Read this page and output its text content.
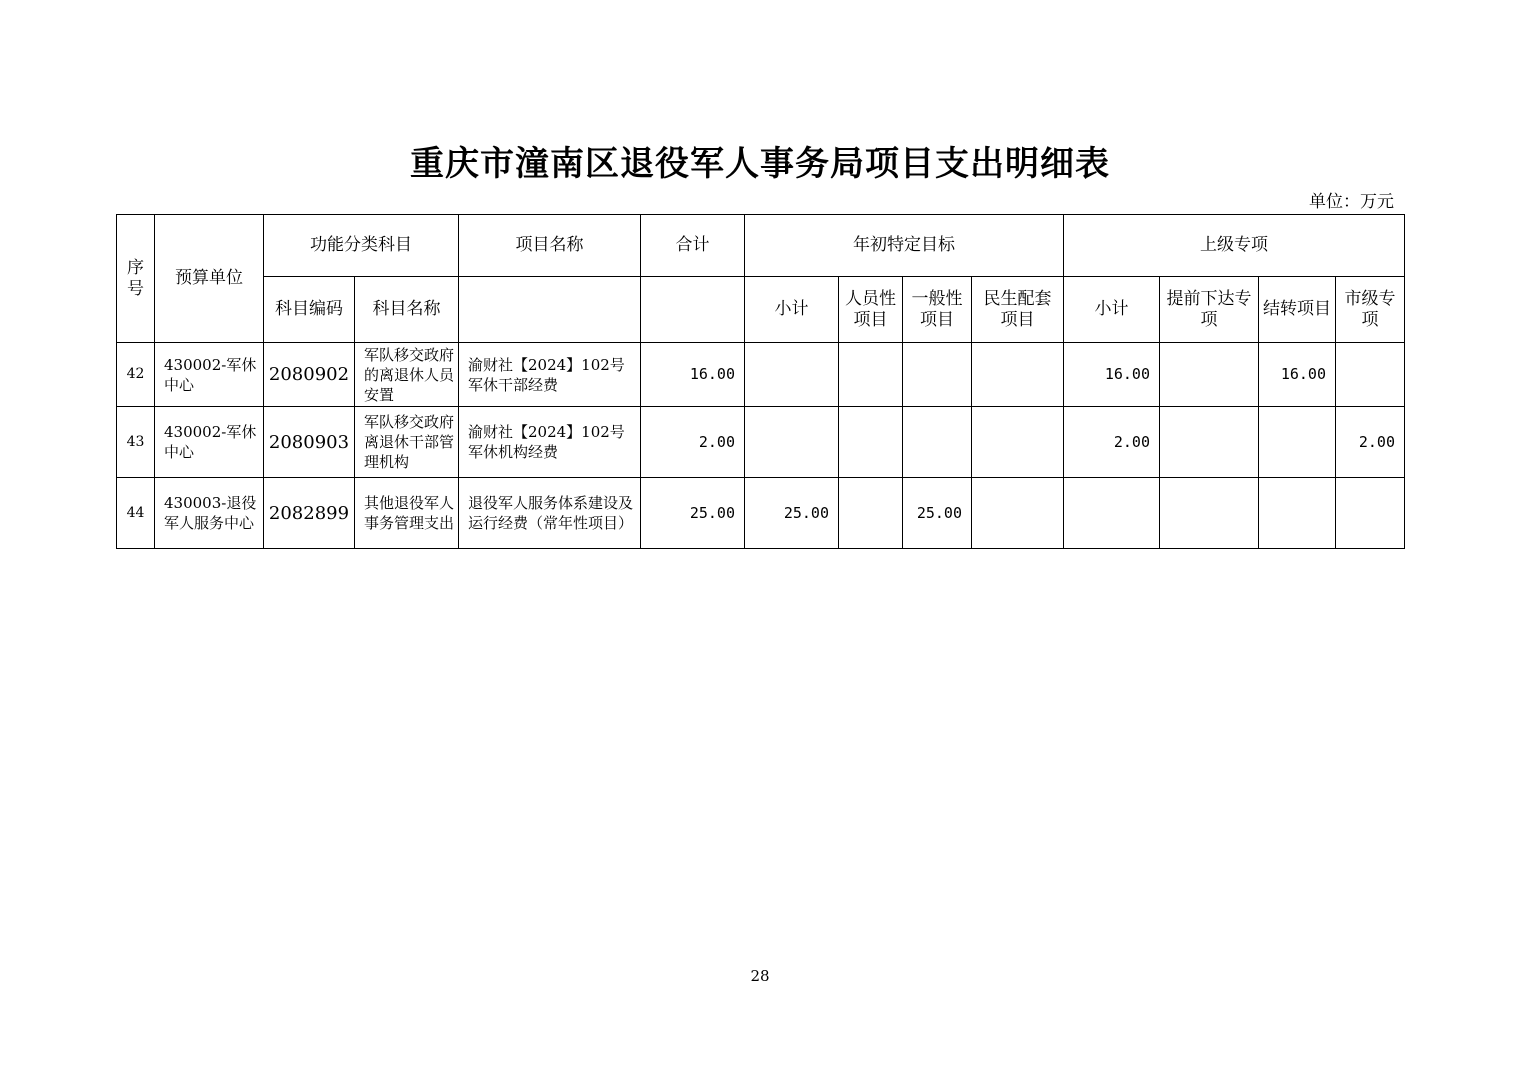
重庆市潼南区退役军人事务局项目支出明细表
单位：万元
序号	预算单位	功能分类科目		项目名称	合计	年初特定目标				上级专项			
		科目编码	科目名称			小计	人员性项目	一般性项目	民生配套项目	小计	提前下达专项	结转项目	市级专项
42	430002-军休中心	2080902	军队移交政府的离退休人员安置	渝财社【2024】102号军休干部经费	16.00					16.00		16.00	
43	430002-军休中心	2080903	军队移交政府离退休干部管理机构	渝财社【2024】102号军休机构经费	2.00					2.00			2.00
44	430003-退役军人服务中心	2082899	其他退役军人事务管理支出	退役军人服务体系建设及运行经费（常年性项目）	25.00	25.00		25.00					
28
